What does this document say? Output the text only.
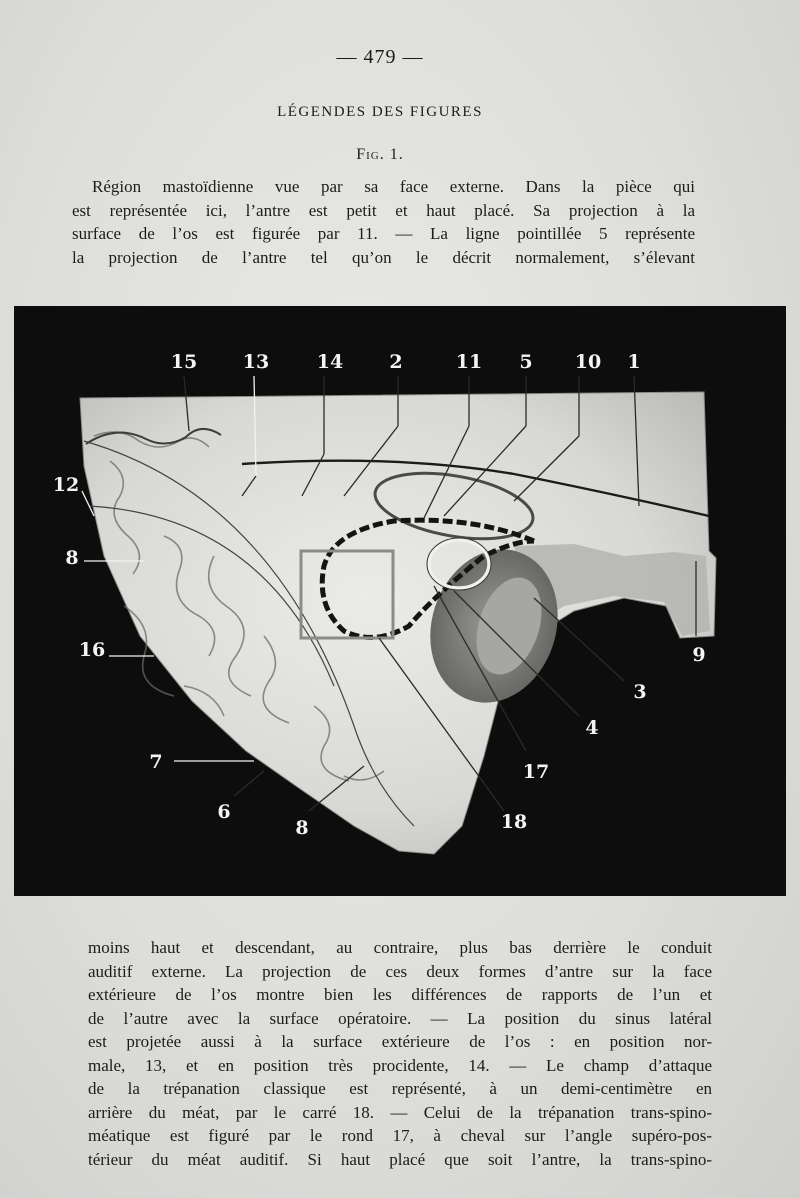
— 479 —
LÉGENDES DES FIGURES
Fig. 1.
Région mastoïdienne vue par sa face externe. Dans la pièce qui
est représentée ici, l’antre est petit et haut placé. Sa projection à la
surface de l’os est figurée par 11. — La ligne pointillée 5 représente
la projection de l’antre tel qu’on le décrit normalement, s’élevant
15 13	14 2	11 5 10 1
12
8
16
7
6
8	18
17
4
3
9
moins haut et descendant, au contraire, plus bas derrière le conduit
auditif externe. La projection de ces deux formes d’antre sur la face
extérieure de l’os montre bien les différences de rapports de l’un et
de l’autre avec la surface opératoire. — La position du sinus latéral
est projetée aussi à la surface extérieure de l’os : en position nor-
male, 13, et en position très procidente, 14. — Le champ d’attaque
de la trépanation classique est représenté, à un demi-centimètre en
arrière du méat, par le carré 18. — Celui de la trépanation trans-spino-
méatique est figuré par le rond 17, à cheval sur l’angle supéro-pos-
térieur du méat auditif. Si haut placé que soit l’antre, la trans-spino-
